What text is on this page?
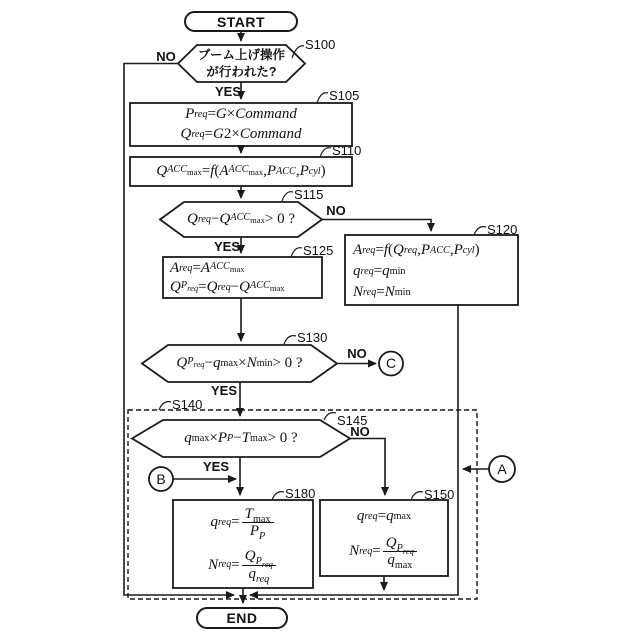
START
END
ブーム上げ操作
が行われた?
S100
S105
S110
S115
S120
S125
S130
S140
S145
S150
S180
NO
YES
NO
YES
NO
YES
NO
YES	A
B
C
P req = G × Command
Q req = G 2 × Command
Q $ACC_{max} = f$ ( A $ACC_{max}$ , P ACC , P cyl )
Q req − Q $ACC_{max} > 0$ ?
A req = f ( Q req , P ACC , P cyl )
q req = q min
N req = N min
A req = A $ACC_{max}$
Q $P_{req} = Q$ req − Q $ACC_{max}$
Q $P_{req} - q$ max × N min > 0 ?
q max × P P − T max > 0 ?
q req = $\frac{T_{max}}{P_P}$
N req = $\frac{Q_{P_{req}}}{q_{req}}$
q req = q max
N req = $\frac{Q_{P_{req}}}{q_{max}}$
